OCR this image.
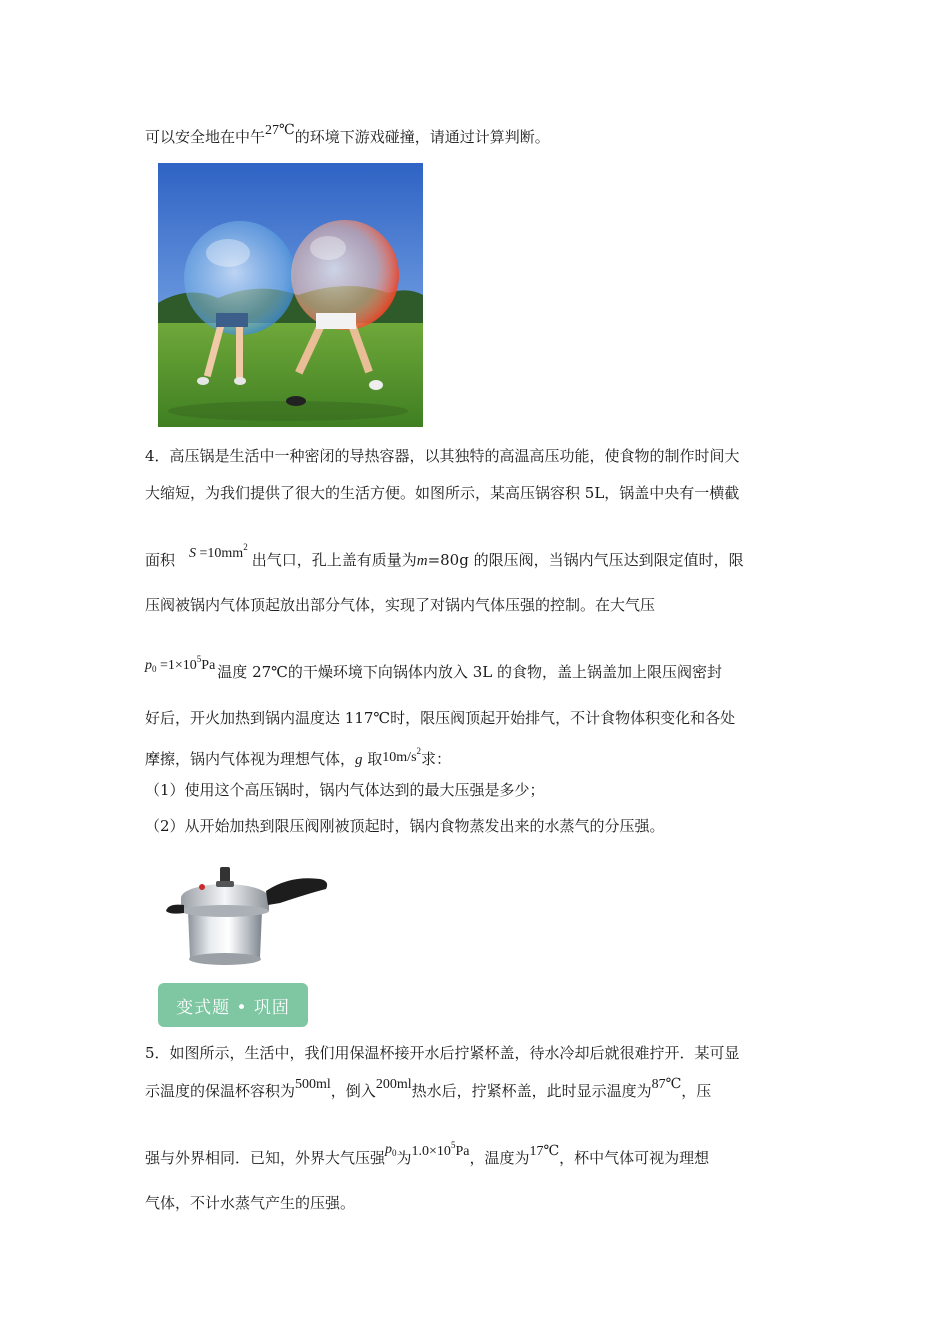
可以安全地在中午27℃的环境下游戏碰撞，请通过计算判断。
4．高压锅是生活中一种密闭的导热容器，以其独特的高温高压功能，使食物的制作时间大
大缩短，为我们提供了很大的生活方便。如图所示，某高压锅容积 5L，锅盖中央有一横截
面积 $S =10mm^2$出气口，孔上盖有质量为m=80g 的限压阀，当锅内气压达到限定值时，限
压阀被锅内气体顶起放出部分气体，实现了对锅内气体压强的控制。在大气压
$p_0 =1\times 10^5Pa$ 温度 27℃的干燥环境下向锅体内放入 3L 的食物，盖上锅盖加上限压阀密封
好后，开火加热到锅内温度达 117℃时，限压阀顶起开始排气，不计食物体积变化和各处
摩擦，锅内气体视为理想气体，g 取$10m/s^2$求：
（1）使用这个高压锅时，锅内气体达到的最大压强是多少；
（2）从开始加热到限压阀刚被顶起时，锅内食物蒸发出来的水蒸气的分压强。
变式题 • 巩固
5．如图所示，生活中，我们用保温杯接开水后拧紧杯盖，待水冷却后就很难拧开．某可显
示温度的保温杯容积为500ml，倒入200ml热水后，拧紧杯盖，此时显示温度为87℃，压
强与外界相同．已知，外界大气压强$p_0$为$1.0\times 10^5Pa$，温度为17℃，杯中气体可视为理想
气体，不计水蒸气产生的压强。
